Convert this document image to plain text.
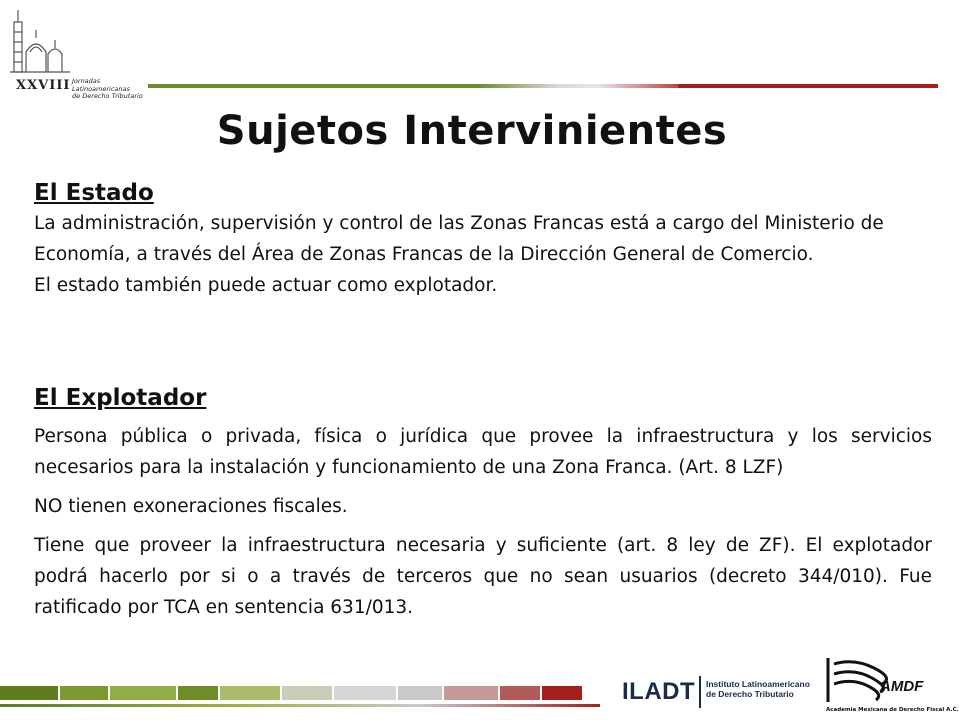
XXVIII Jornadas Latinoamericanas
de Derecho Tributario
Sujetos Intervinientes

El Estado

La administración, supervisión y control de las Zonas Francas está a cargo del Ministerio de Economía, a través del Área de Zonas Francas de la Dirección General de Comercio.

El estado también puede actuar como explotador.

El Explotador

Persona pública o privada, física o jurídica que provee la infraestructura y los servicios necesarios para la instalación y funcionamiento de una Zona Franca. (Art. 8 LZF)

NO tienen exoneraciones fiscales.

Tiene que proveer la infraestructura necesaria y suficiente (art. 8 ley de ZF). El explotador podrá hacerlo por si o a través de terceros que no sean usuarios (decreto 344/010). Fue ratificado por TCA en sentencia 631/013.

ILADT Instituto Latinoamericano
de Derecho Tributario	AMDF
Academia Mexicana de Derecho Fiscal A.C.
